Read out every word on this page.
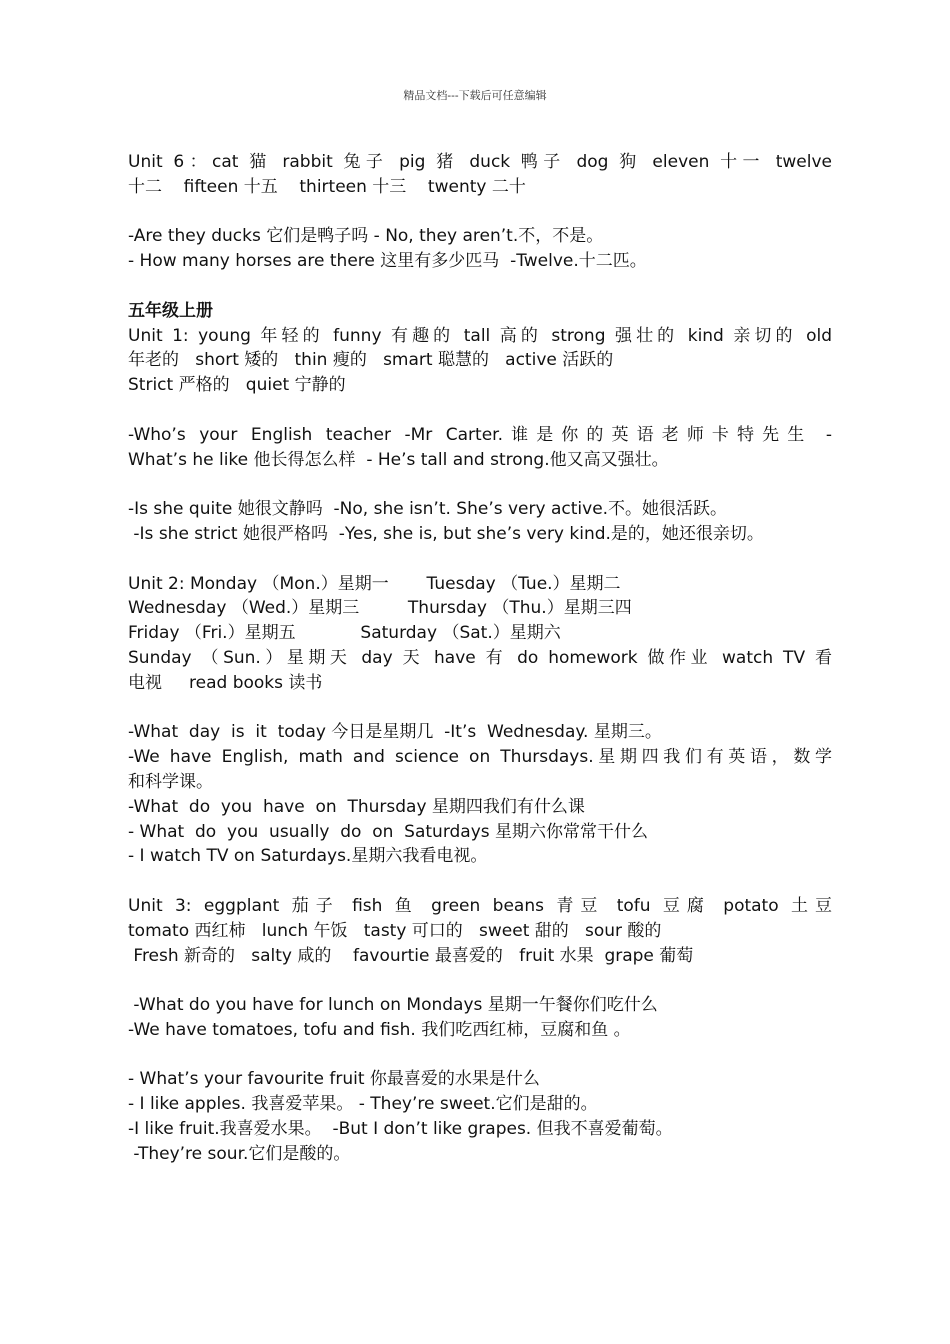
精品文档---下载后可任意编辑
Unit 6：cat 猫 rabbit 兔子 pig 猪 duck 鸭子 dog 狗 eleven 十一 twelve
十二    fifteen 十五    thirteen 十三    twenty 二十
-Are they ducks 它们是鸭子吗 - No, they aren’t.不，不是。
- How many horses are there 这里有多少匹马  -Twelve.十二匹。
五年级上册
Unit 1: young 年轻的 funny 有趣的 tall 高的 strong 强壮的 kind 亲切的 old
年老的   short 矮的   thin 瘦的   smart 聪慧的   active 活跃的
Strict 严格的   quiet 宁静的
-Who’s your English teacher -Mr Carter.谁是你的英语老师卡特先生 -
What’s he like 他长得怎么样  - He’s tall and strong.他又高又强壮。
-Is she quite 她很文静吗  -No, she isn’t. She’s very active.不。她很活跃。
-Is she strict 她很严格吗  -Yes, she is, but she’s very kind.是的，她还很亲切。
Unit 2: Monday （Mon.）星期一       Tuesday （Tue.）星期二
Wednesday （Wed.）星期三         Thursday （Thu.）星期三四
Friday （Fri.）星期五            Saturday （Sat.）星期六
Sunday （Sun.）星期天 day 天 have 有 do homework 做作业 watch TV 看
电视     read books 读书
-What  day  is  it  today 今日是星期几  -It’s  Wednesday. 星期三。
-We have English, math and science on Thursdays.星期四我们有英语，数学
和科学课。
-What  do  you  have  on  Thursday 星期四我们有什么课
- What  do  you  usually  do  on  Saturdays 星期六你常常干什么
- I watch TV on Saturdays.星期六我看电视。
Unit 3: eggplant 茄子 fish 鱼 green beans 青豆 tofu 豆腐 potato 土豆
tomato 西红柿   lunch 午饭   tasty 可口的   sweet 甜的   sour 酸的
Fresh 新奇的   salty 咸的    favourtie 最喜爱的   fruit 水果  grape 葡萄
-What do you have for lunch on Mondays 星期一午餐你们吃什么
-We have tomatoes, tofu and fish. 我们吃西红柿，豆腐和鱼 。
- What’s your favourite fruit 你最喜爱的水果是什么
- I like apples. 我喜爱苹果。 - They’re sweet.它们是甜的。
-I like fruit.我喜爱水果。  -But I don’t like grapes. 但我不喜爱葡萄。
-They’re sour.它们是酸的。
